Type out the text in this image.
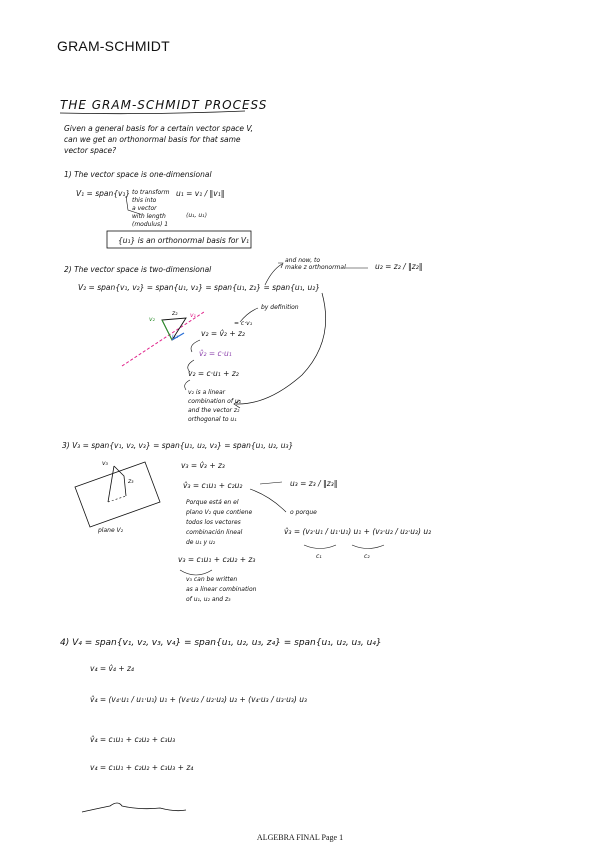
GRAM-SCHMIDT
THE GRAM-SCHMIDT PROCESS
Given a general basis for a certain vector space V,
can we get an orthonormal basis for that same
vector space?
1) The vector space is one-dimensional
V₁ = span{v₁} to transform
this into
a vector
with length
(modulus) 1
u₁ = v₁ / ‖v₁‖
⟨u₁, u₁⟩
{u₁} is an orthonormal basis for V₁
2) The vector space is two-dimensional
and now, to
make z orthonormal	u₂ = z₂ / ‖z₂‖
V₂ = span{v₁, v₂} = span{u₁, v₂} = span{u₁, z₂} = span{u₁, u₂}
by definition
v₂ = v̂₂ + z₂
= c·v₁
v̂₂ = c·u₁
v₂ = c·u₁ + z₂
v₂ is a linear
combination of u₁
and the vector z₂
orthogonal to u₁
v₂
z₂
u₁
v₁
3) V₃ = span{v₁, v₂, v₃} = span{u₁, u₂, v₃} = span{u₁, u₂, u₃}
v₃ = v̂₃ + z₃
u₃ = z₃ / ‖z₃‖
v̂₃ = c₁u₁ + c₂u₂
Porque está en el
plano V₂ que contiene
todos los vectores
combinación lineal
de u₁ y u₂
o porque
v̂₃ = (v₃·u₁ / u₁·u₁) u₁ + (v₃·u₂ / u₂·u₂) u₂
c₁	c₂
v₃ = c₁u₁ + c₂u₂ + z₃
v₃ can be written
as a linear combination
of u₁, u₂ and z₃
plane V₂
v₃
z₃
4) V₄ = span{v₁, v₂, v₃, v₄} = span{u₁, u₂, u₃, z₄} = span{u₁, u₂, u₃, u₄}
v₄ = v̂₄ + z₄
v̂₄ = (v₄·u₁ / u₁·u₁) u₁ + (v₄·u₂ / u₂·u₂) u₂ + (v₄·u₃ / u₃·u₃) u₃
v̂₄ = c₁u₁ + c₂u₂ + c₃u₃
v₄ = c₁u₁ + c₂u₂ + c₃u₃ + z₄
ALGEBRA FINAL Page 1
